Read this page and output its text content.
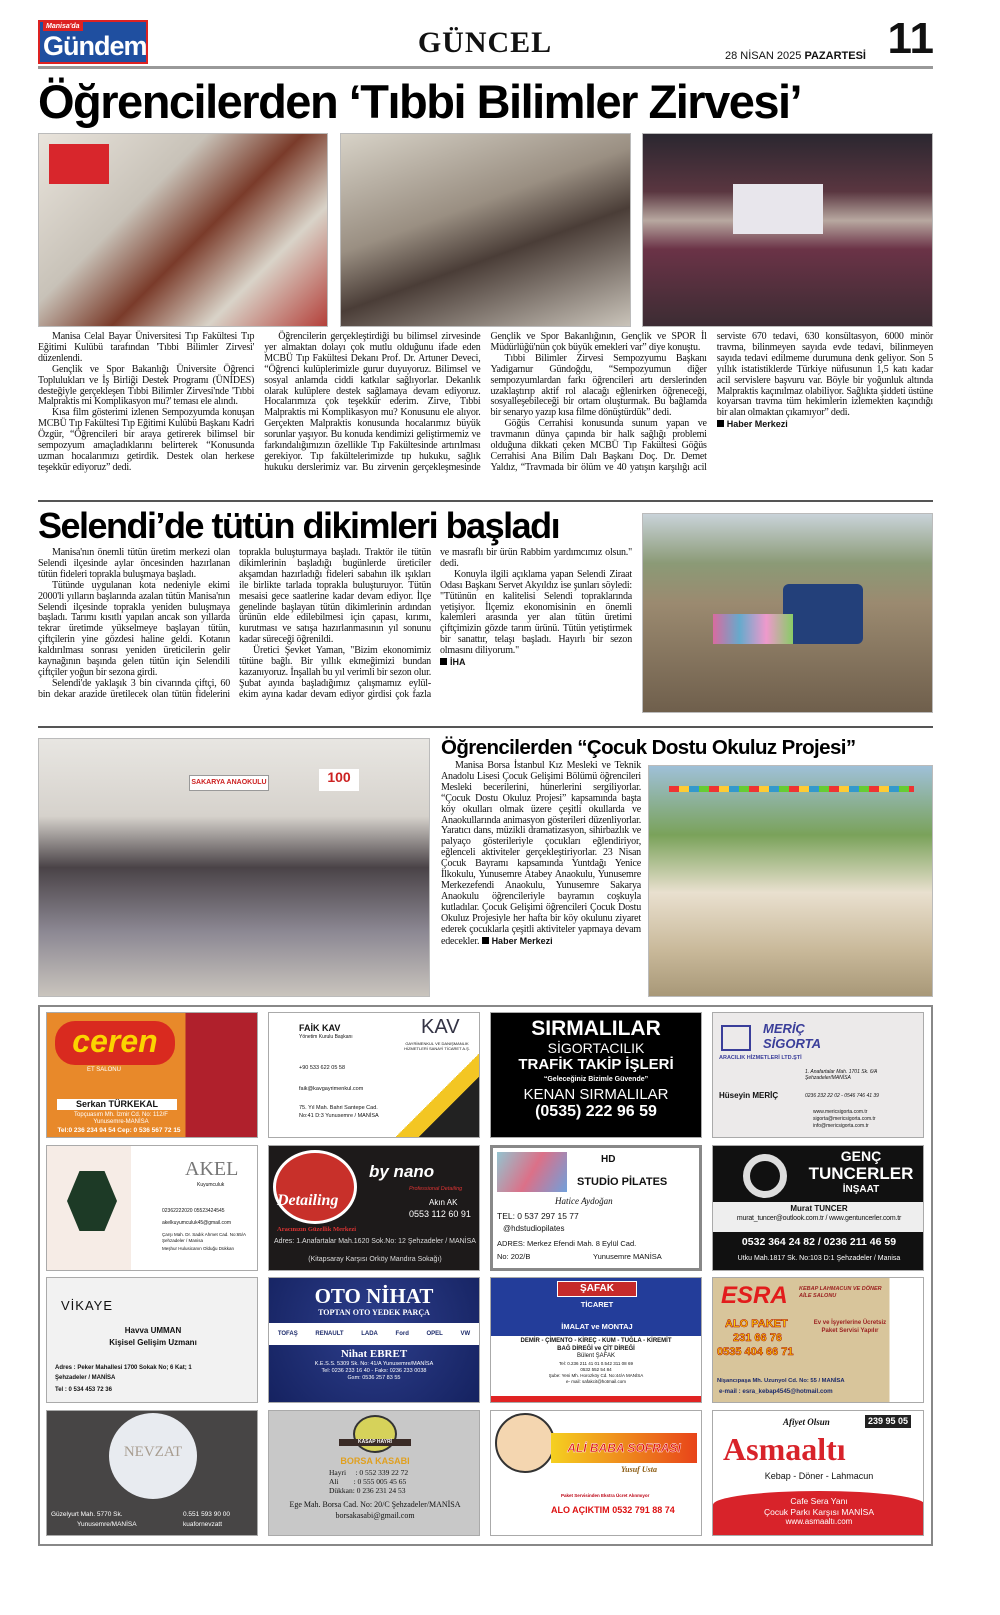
Manisa'da
Gündem	GÜNCEL	28 NİSAN 2025 PAZARTESİ 11
Öğrencilerden ‘Tıbbi Bilimler Zirvesi’

Manisa Celal Bayar Üniversitesi Tıp Fakültesi Tıp Eğitimi Kulübü tarafından 'Tıbbi Bilimler Zirvesi' düzenlendi.

Gençlik ve Spor Bakanlığı Üniversite Öğrenci Toplulukları ve İş Birliği Destek Programı (ÜNİDES) desteğiyle gerçekleşen Tıbbi Bilimler Zirvesi'nde 'Tıbbi Malpraktis mi Komplikasyon mu?' teması ele alındı.

Kısa film gösterimi izlenen Sempozyumda konuşan MCBÜ Tıp Fakültesi Tıp Eğitimi Kulübü Başkanı Kadri Özgür, “Öğrencileri bir araya getirerek bilimsel bir sempozyum amaçladıklarını belirterek “Konusunda uzman hocalarımızı getirdik. Destek olan herkese teşekkür ediyoruz” dedi.

Öğrencilerin gerçekleştirdiği bu bilimsel zirvesinde yer almaktan dolayı çok mutlu olduğunu ifade eden MCBÜ Tıp Fakültesi Dekanı Prof. Dr. Artuner Deveci, “Öğrenci kulüplerimizle gurur duyuyoruz. Bilimsel ve sosyal anlamda ciddi katkılar sağlıyorlar. Dekanlık olarak kulüplere destek sağlamaya devam ediyoruz. Hocalarımıza çok teşekkür ederim. Zirve, Tıbbi Malpraktis mi Komplikasyon mu? Konusunu ele alıyor. Gerçekten Malpraktis konusunda hocalarımız büyük sorunlar yaşıyor. Bu konuda kendimizi geliştirmemiz ve farkındalığımızın özellikle Tıp Fakültesinde artırılması gerekiyor. Tıp fakültelerimizde tıp hukuku, sağlık hukuku derslerimiz var. Bu zirvenin gerçekleşmesinde Gençlik ve Spor Bakanlığının, Gençlik ve SPOR İl Müdürlüğü'nün çok büyük emekleri var” diye konuştu.

Tıbbi Bilimler Zirvesi Sempozyumu Başkanı Yadigarnur Gündoğdu, “Sempozyumun diğer sempozyumlardan farkı öğrencileri artı derslerinden uzaklaştırıp aktif rol alacağı eğlenirken öğreneceği, sosyalleşebileceği bir ortam oluşturmak. Bu bağlamda bir senaryo yazıp kısa filme dönüştürdük” dedi.

Göğüs Cerrahisi konusunda sunum yapan ve travmanın dünya çapında bir halk sağlığı problemi olduğuna dikkati çeken MCBÜ Tıp Fakültesi Göğüs Cerrahisi Ana Bilim Dalı Başkanı Doç. Dr. Demet Yaldız, “Travmada bir ölüm ve 40 yatışın karşılığı acil serviste 670 tedavi, 630 konsültasyon, 6000 minör travma, bilinmeyen sayıda evde tedavi, bilinmeyen sayıda tedavi edilmeme durumuna denk geliyor. Son 5 yıllık istatistiklerde Türkiye nüfusunun 1,5 katı kadar acil servislere başvuru var. Böyle bir yoğunluk altında Malpraktis kaçınılmaz olabiliyor. Sağlıkta şiddeti üstüne koyarsan travma tüm hekimlerin izlemekten kaçındığı bir alan olmaktan çıkamıyor” dedi.

Haber Merkezi
Selendi’de tütün dikimleri başladı

Manisa'nın önemli tütün üretim merkezi olan Selendi ilçesinde aylar öncesinden hazırlanan tütün fideleri toprakla buluşmaya başladı.

Tütünde uygulanan kota nedeniyle ekimi 2000'li yılların başlarında azalan tütün Manisa'nın Selendi ilçesinde toprakla yeniden buluşmaya başladı. Tarımı kısıtlı yapılan ancak son yıllarda tekrar üretimde yükselmeye başlayan tütün, çiftçilerin yine gözdesi haline geldi. Kotanın kaldırılması sonrası yeniden üreticilerin gelir kaynağının başında gelen tütün için Selendili çiftçiler yoğun bir sezona girdi.

Selendi'de yaklaşık 3 bin civarında çiftçi, 60 bin dekar arazide üretilecek olan tütün fidelerini toprakla buluşturmaya başladı. Traktör ile tütün dikimlerinin başladığı bugünlerde üreticiler akşamdan hazırladığı fideleri sabahın ilk ışıkları ile birlikte tarlada toprakla buluşturuyor. Tütün mesaisi gece saatlerine kadar devam ediyor. İlçe genelinde başlayan tütün dikimlerinin ardından ürünün elde edilebilmesi için çapası, kırımı, kurutması ve satışa hazırlanmasının yıl sonunu kadar süreceği öğrenildi.

Üretici Şevket Yaman, "Bizim ekonomimiz tütüne bağlı. Bir yıllık ekmeğimizi bundan kazanıyoruz. İnşallah bu yıl verimli bir sezon olur. Şubat ayında başladığımız çalışmamız eylül- ekim ayına kadar devam ediyor girdisi çok fazla ve masraflı bir ürün Rabbim yardımcımız olsun." dedi.

Konuyla ilgili açıklama yapan Selendi Ziraat Odası Başkanı Servet Akyıldız ise şunları söyledi: "Tütünün en kalitelisi Selendi topraklarında yetişiyor. İlçemiz ekonomisinin en önemli kalemleri arasında yer alan tütün üretimi çiftçimizin gözde tarım ürünü. Tütün yetiştirmek bir sanattır, telaşı başladı. Hayırlı bir sezon olmasını diliyorum."

İHA
SAKARYA ANAOKULU	100
Öğrencilerden “Çocuk Dostu Okuluz Projesi”

Manisa Borsa İstanbul Kız Mesleki ve Teknik Anadolu Lisesi Çocuk Gelişimi Bölümü öğrencileri Mesleki becerilerini, hünerlerini sergiliyorlar. “Çocuk Dostu Okuluz Projesi” kapsamında başta köy okulları olmak üzere çeşitli okullarda ve Anaokullarında animasyon gösterileri düzenliyorlar. Yaratıcı dans, müzikli dramatizasyon, sihirbazlık ve palyaço gösterileriyle çocukları eğlendiriyor, eğlenceli aktiviteler gerçekleştiriyorlar. 23 Nisan Çocuk Bayramı kapsamında Yuntdağı Yenice İlkokulu, Yunusemre Atabey Anaokulu, Yunusemre Merkezefendi Anaokulu, Yunusemre Sakarya Anaokulu öğrencileriyle bayramın coşkuyla kutladılar. Çocuk Gelişimi öğrencileri Çocuk Dostu Okuluz Projesiyle her hafta bir köy okulunu ziyaret ederek çocuklarla çeşitli aktiviteler yapmaya devam edecekler. Haber Merkezi

ceren
ET SALONU
Serkan TÜRKEKAL
Topçuasım Mh. İzmir Cd. No: 112/F
Yunusemre-MANİSA
Tel:0 236 234 94 54 Cep: 0 536 567 72 15
FAİK KAV
Yönetim Kurulu Başkanı	KAV
GAYRİMENKUL VE DANIŞMANLIK HİZMETLERİ SANAYİ TİCARET A.Ş.
+90 533 622 05 58
faik@kavgayrimenkul.com
75. Yıl Mah. Bahri Santepe Cad.
No:41 D:3 Yunusemre / MANİSA
SIRMALILAR
SİGORTACILIK
TRAFİK TAKİP İŞLERİ
“Geleceğiniz Bizimle Güvende”
KENAN SIRMALILAR
(0535) 222 96 59
MERİÇ
SİGORTA
ARACILIK HİZMETLERİ LTD.ŞTİ
1. Anafartalar Mah. 1701 Sk. 6/A Şehzadeler/MANİSA
Hüseyin MERİÇ	0236 232 22 02 - 0546 746 41 39
www.mericsigorta.com.tr
sigorta@mericsigorta.com.tr
info@mericsigorta.com.tr
AKEL
Kuyumculuk
02362222020 05523424545
akelkuyumculuk45@gmail.com
Çarşı Mah. Dr. Sadık Ahmet Cad. No:65/A Şehzadeler / Manisa
Meşhur Hulusicanın Olduğu Dükkan
Detailing
by nano
Professional Detailing
Akın AK
0553 112 60 91
Aracınızın Güzellik Merkezi
Adres: 1.Anafartalar Mah.1620 Sok.No: 12 Şehzadeler / MANİSA
(Kitapsaray Karşısı Orköy Mandıra Sokağı)
HD
STUDİO PİLATES
Hatice Aydoğan
TEL: 0 537 297 15 77
@hdstudiopilates
ADRES: Merkez Efendi Mah. 8 Eylül Cad.
No: 202/B	Yunusemre MANİSA
GENÇ
TUNCERLER
İNŞAAT
Murat TUNCER
murat_tuncer@outlook.com.tr / www.gentuncerler.com.tr
0532 364 24 82 / 0236 211 46 59
Utku Mah.1817 Sk. No:103 D:1 Şehzadeler / Manisa
VİKAYE
Havva UMMAN
Kişisel Gelişim Uzmanı
Adres : Peker Mahallesi 1700 Sokak No; 6 Kat; 1
Şehzadeler / MANİSA
Tel : 0 534 453 72 36
OTO NİHAT
TOPTAN OTO YEDEK PARÇA
TOFAŞ	RENAULT	LADA	Ford	OPEL	VW
Nihat EBRET
K.E.S.S. 5309 Sk. No: 41/A Yunusemre/MANİSA
Tel: 0236 233 16 40 - Faks: 0236 233 0038
Gsm: 0536 257 83 55
ŞAFAK
TİCARET
İMALAT ve MONTAJ
DEMİR - ÇİMENTO - KİREÇ - KUM - TUĞLA - KİREMİT
BAĞ DİREĞİ ve ÇİT DİREĞİ
Bülent ŞAFAK
Tel: 0.236 211 41 01 0.542 311 08 69
0532 552 54 84
Şube: Yeni Mh. Horozköy Cd. No:44/A MANİSA
e- mail: safakcit@hotmail.com
ESRA KEBAP LAHMACUN VE DÖNER AİLE SALONU
ALO PAKET
231 66 76
0535 404 66 71
Ev ve İşyerlerine Ücretsiz Paket Servisi Yapılır
Nişancıpaşa Mh. Uzunyol Cd. No: 55 / MANİSA
e-mail : esra_kebap4545@hotmail.com
NEVZAT
Güzelyurt Mah. 5770 Sk.
Yunusemre/MANİSA
0.551 593 90 00
kuafornevzatt
KASAP HAYRİ
BORSA KASABI
Hayri     : 0 552 339 22 72
Ali        : 0 555 005 45 65
Dükkan: 0 236 231 24 53
Ege Mah. Borsa Cad. No: 20/C Şehzadeler/MANİSA
borsakasabi@gmail.com
ALİ BABA SOFRASI
Yusuf Usta
Paket Servisinden Ekstra Ücret Alınmıyor
ALO AÇIKTIM 0532 791 88 74
Afiyet Olsun	239 95 05
Asmaaltı
Kebap - Döner - Lahmacun
Cafe Sera Yanı
Çocuk Parkı Karşısı MANİSA
www.asmaaltı.com
